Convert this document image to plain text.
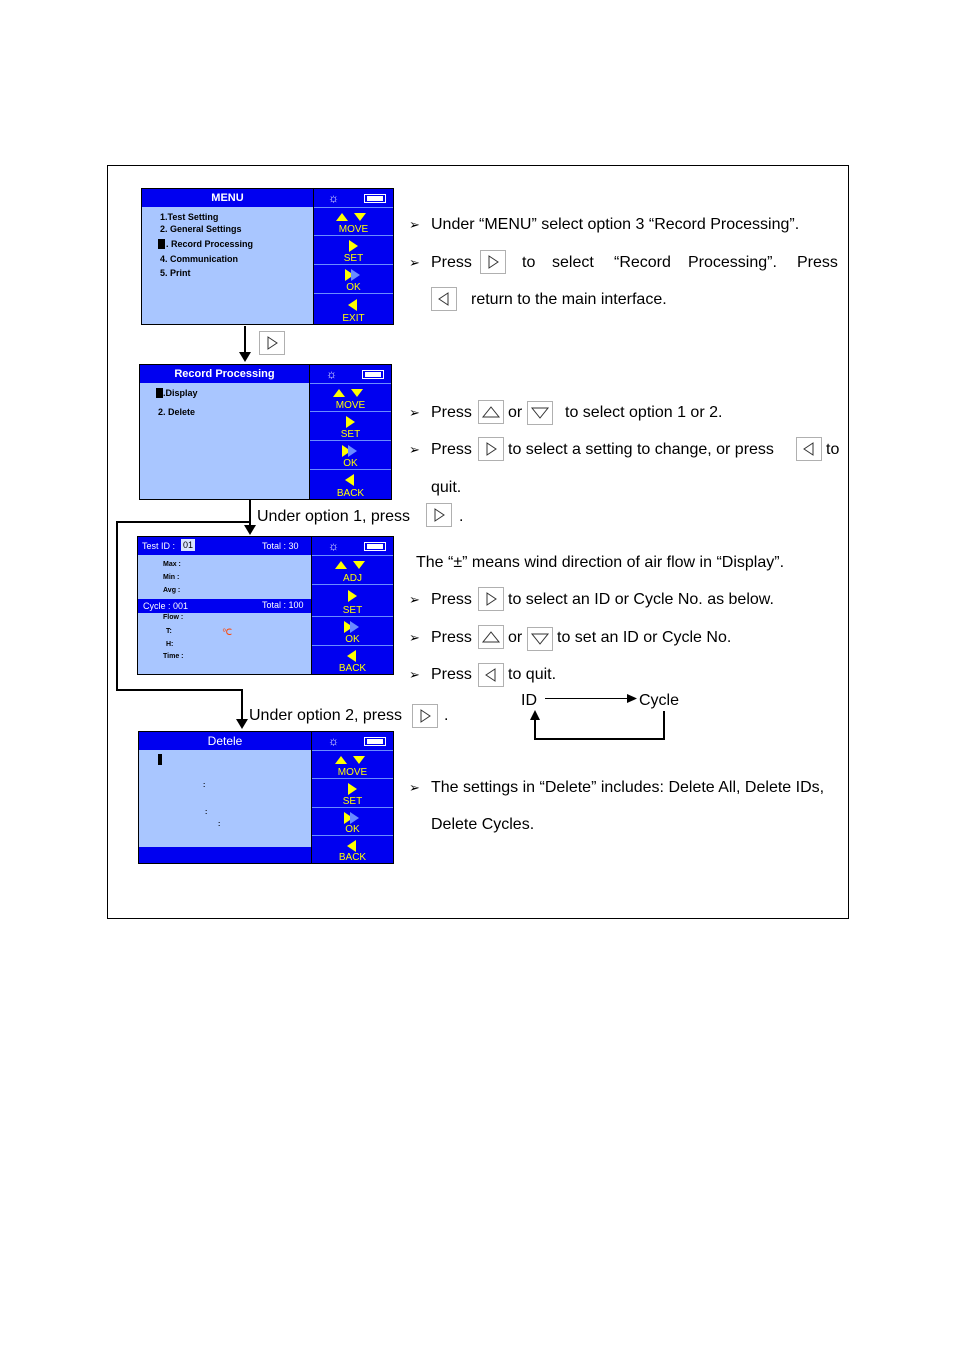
MENU
1.Test Setting
2. General Settings
. Record Processing
4. Communication
5. Print
☼
MOVE
SET
OK
EXIT
➢ Under “MENU” select option 3 “Record Processing”.
➢ Press	to select “Record Processing”. Press
return to the main interface.
Record Processing
.Display
2. Delete
☼
MOVE
SET
OK
BACK
➢ Press or	to select option 1 or 2.
➢ Press to select a setting to change, or press	to
quit.
Under option 1, press	.
Test ID : 01	Total : 30
Max :
Min :
Avg :
Cycle : 001	Total : 100
Flow :
T:	℃
H:
Time :
☼
ADJ
SET
OK
BACK
The “±” means wind direction of air flow in “Display”.
➢ Press to select an ID or Cycle No. as below.
➢ Press or to set an ID or Cycle No.
➢ Press to quit.
ID	Cycle
Under option 2, press	.
Detele
:
:
:
☼
MOVE
SET
OK
BACK
➢ The settings in “Delete” includes: Delete All, Delete IDs,
Delete Cycles.
